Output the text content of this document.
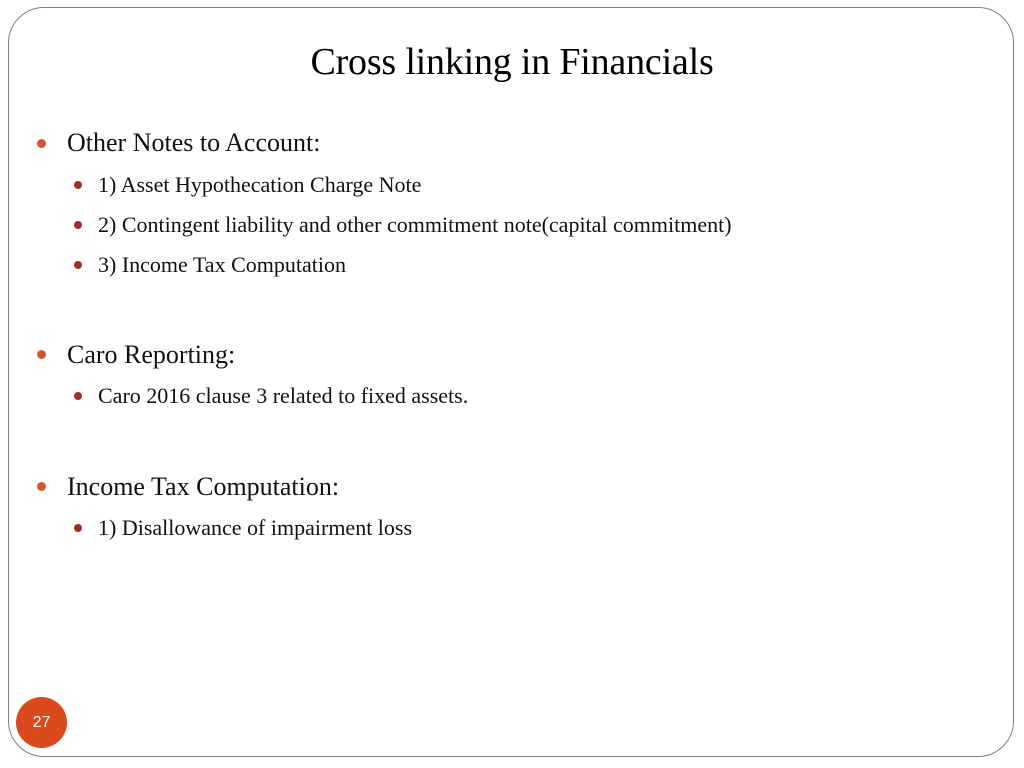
Cross linking in Financials
Other Notes to Account:
1) Asset Hypothecation Charge Note
2) Contingent liability and other commitment note(capital commitment)
3) Income Tax Computation
Caro Reporting:
Caro 2016 clause 3 related to fixed assets.
Income Tax Computation:
1) Disallowance of impairment loss
27
